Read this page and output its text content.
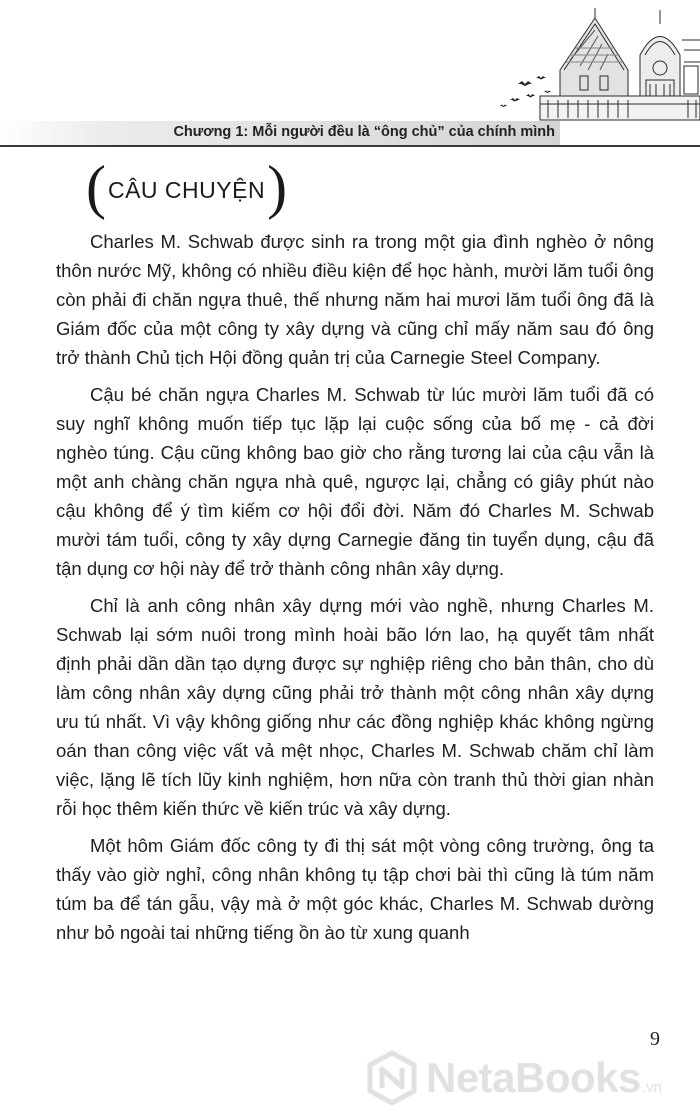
Chương 1: Mỗi người đều là “ông chủ” của chính mình
( CÂU CHUYỆN )

Charles M. Schwab được sinh ra trong một gia đình nghèo ở nông thôn nước Mỹ, không có nhiều điều kiện để học hành, mười lăm tuổi ông còn phải đi chăn ngựa thuê, thế nhưng năm hai mươi lăm tuổi ông đã là Giám đốc của một công ty xây dựng và cũng chỉ mấy năm sau đó ông trở thành Chủ tịch Hội đồng quản trị của Carnegie Steel Company.

Cậu bé chăn ngựa Charles M. Schwab từ lúc mười lăm tuổi đã có suy nghĩ không muốn tiếp tục lặp lại cuộc sống của bố mẹ - cả đời nghèo túng. Cậu cũng không bao giờ cho rằng tương lai của cậu vẫn là một anh chàng chăn ngựa nhà quê, ngược lại, chẳng có giây phút nào cậu không để ý tìm kiếm cơ hội đổi đời. Năm đó Charles M. Schwab mười tám tuổi, công ty xây dựng Carnegie đăng tin tuyển dụng, cậu đã tận dụng cơ hội này để trở thành công nhân xây dựng.

Chỉ là anh công nhân xây dựng mới vào nghề, nhưng Charles M. Schwab lại sớm nuôi trong mình hoài bão lớn lao, hạ quyết tâm nhất định phải dần dần tạo dựng được sự nghiệp riêng cho bản thân, cho dù làm công nhân xây dựng cũng phải trở thành một công nhân xây dựng ưu tú nhất. Vì vậy không giống như các đồng nghiệp khác không ngừng oán than công việc vất vả mệt nhọc, Charles M. Schwab chăm chỉ làm việc, lặng lẽ tích lũy kinh nghiệm, hơn nữa còn tranh thủ thời gian nhàn rỗi học thêm kiến thức về kiến trúc và xây dựng.

Một hôm Giám đốc công ty đi thị sát một vòng công trường, ông ta thấy vào giờ nghỉ, công nhân không tụ tập chơi bài thì cũng là túm năm túm ba để tán gẫu, vậy mà ở một góc khác, Charles M. Schwab dường như bỏ ngoài tai những tiếng ồn ào từ xung quanh

9
NetaBooks .vn
